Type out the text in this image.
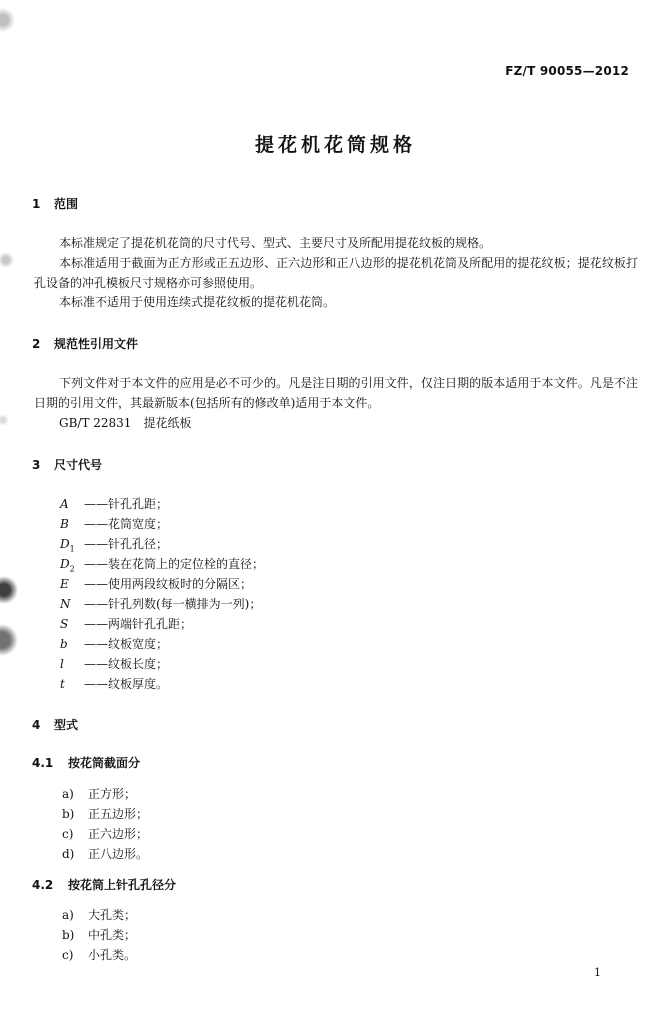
FZ/T 90055—2012
提花机花筒规格
1 范围
本标准规定了提花机花筒的尺寸代号、型式、主要尺寸及所配用提花纹板的规格。
本标准适用于截面为正方形或正五边形、正六边形和正八边形的提花机花筒及所配用的提花纹板；提花纹板打孔设备的冲孔模板尺寸规格亦可参照使用。
本标准不适用于使用连续式提花纹板的提花机花筒。
2 规范性引用文件
下列文件对于本文件的应用是必不可少的。凡是注日期的引用文件，仅注日期的版本适用于本文件。凡是不注日期的引用文件，其最新版本(包括所有的修改单)适用于本文件。
GB/T 22831　提花纸板
3 尺寸代号
A ——针孔孔距；
B ——花筒宽度；
$D_1$ ——针孔孔径；
$D_2$ ——装在花筒上的定位栓的直径；
E ——使用两段纹板时的分隔区；
N ——针孔列数(每一横排为一列)；
S ——两端针孔孔距；
b ——纹板宽度；
l ——纹板长度；
t ——纹板厚度。
4 型式
4.1 按花筒截面分
a) 正方形；
b) 正五边形；
c) 正六边形；
d) 正八边形。
4.2 按花筒上针孔孔径分
a) 大孔类；
b) 中孔类；
c) 小孔类。
1
